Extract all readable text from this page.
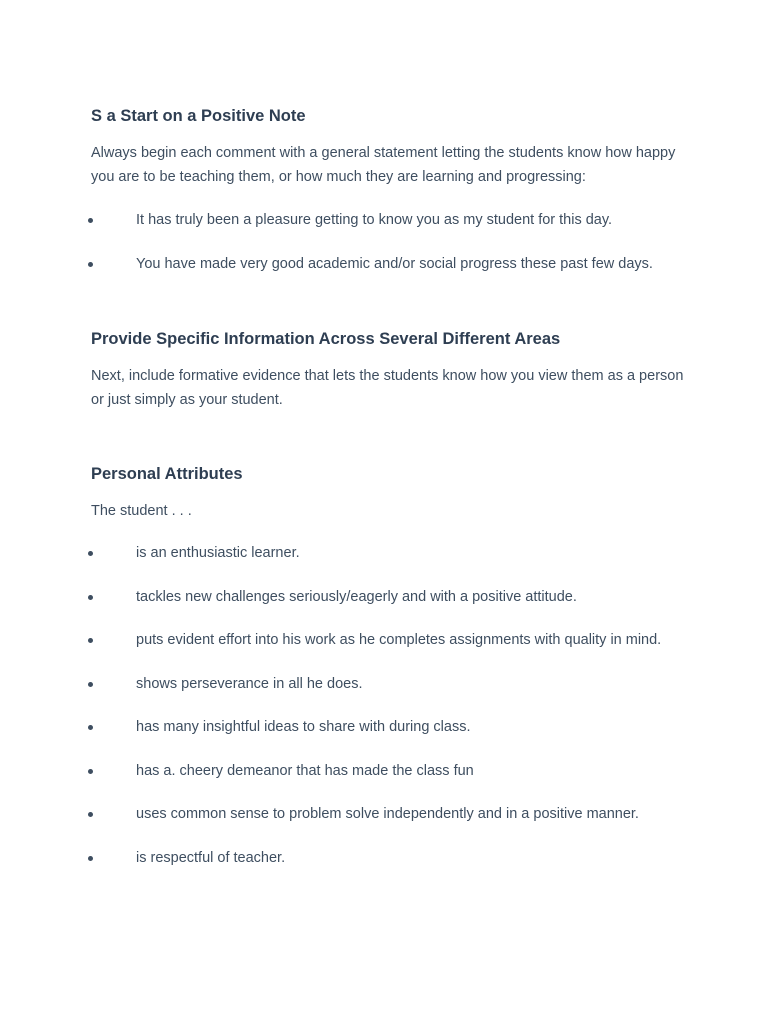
S a Start on a Positive Note

Always begin each comment with a general statement letting the students know how happy you are to be teaching them, or how much they are learning and progressing:

It has truly been a pleasure getting to know you as my student for this day.
You have made very good academic and/or social progress these past few days.
Provide Specific Information Across Several Different Areas

Next, include formative evidence that lets the students know how you view them as a person or just simply as your student.

Personal Attributes

The student . . .

is an enthusiastic learner.
tackles new challenges seriously/eagerly and with a positive attitude.
puts evident effort into his work as he completes assignments with quality in mind.
shows perseverance in all he does.
has many insightful ideas to share with during class.
has a. cheery demeanor that has made the class fun
uses common sense to problem solve independently and in a positive manner.
is respectful of teacher.
